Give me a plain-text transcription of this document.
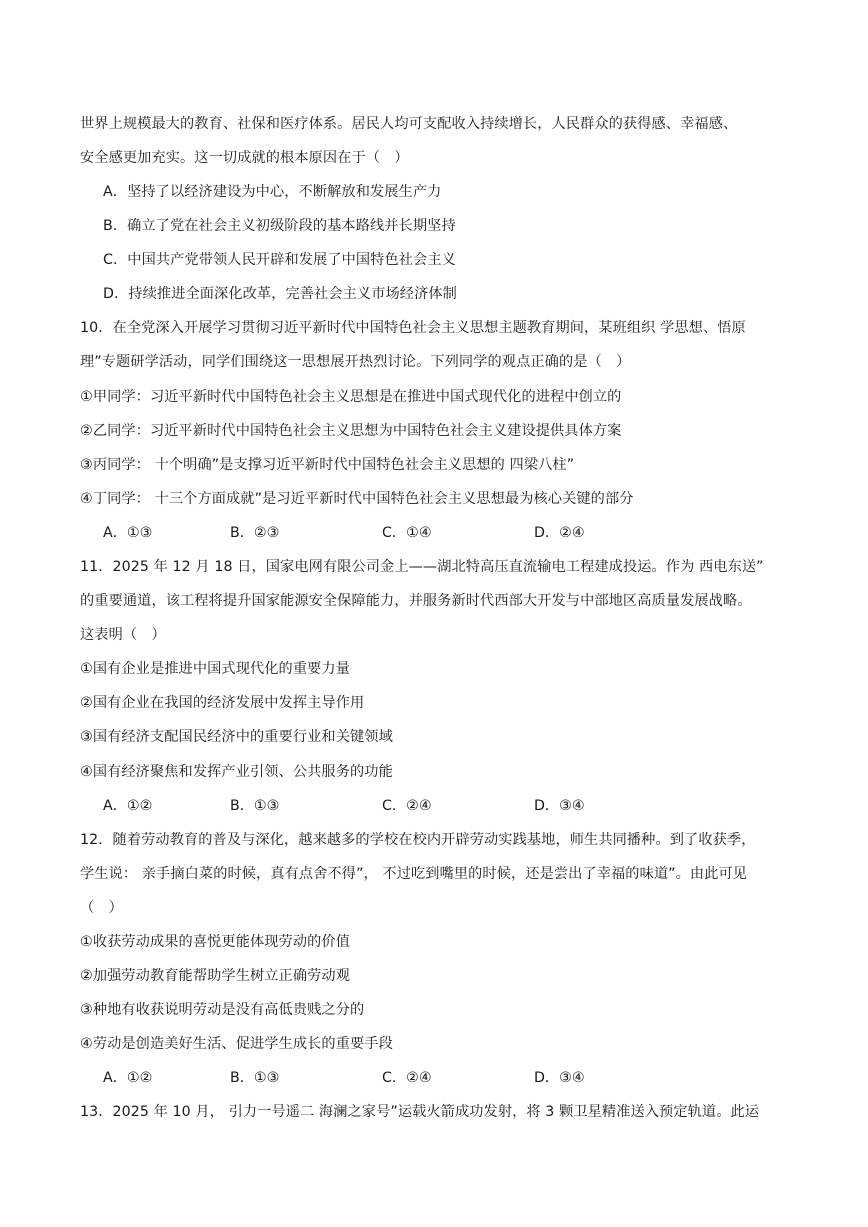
世界上规模最大的教育、社保和医疗体系。居民人均可支配收入持续增长，人民群众的获得感、幸福感、
安全感更加充实。这一切成就的根本原因在于（　）
A．坚持了以经济建设为中心，不断解放和发展生产力
B．确立了党在社会主义初级阶段的基本路线并长期坚持
C．中国共产党带领人民开辟和发展了中国特色社会主义
D．持续推进全面深化改革，完善社会主义市场经济体制
10．在全党深入开展学习贯彻习近平新时代中国特色社会主义思想主题教育期间，某班组织 学思想、悟原
理”专题研学活动，同学们围绕这一思想展开热烈讨论。下列同学的观点正确的是（　）
①甲同学：习近平新时代中国特色社会主义思想是在推进中国式现代化的进程中创立的
②乙同学：习近平新时代中国特色社会主义思想为中国特色社会主义建设提供具体方案
③丙同学： 十个明确”是支撑习近平新时代中国特色社会主义思想的 四梁八柱”
④丁同学： 十三个方面成就”是习近平新时代中国特色社会主义思想最为核心关键的部分
A．①③	B．②③	C．①④	D．②④
11．2025 年 12 月 18 日，国家电网有限公司金上——湖北特高压直流输电工程建成投运。作为 西电东送”
的重要通道，该工程将提升国家能源安全保障能力，并服务新时代西部大开发与中部地区高质量发展战略。
这表明（　）
①国有企业是推进中国式现代化的重要力量
②国有企业在我国的经济发展中发挥主导作用
③国有经济支配国民经济中的重要行业和关键领域
④国有经济聚焦和发挥产业引领、公共服务的功能
A．①②	B．①③	C．②④	D．③④
12．随着劳动教育的普及与深化，越来越多的学校在校内开辟劳动实践基地，师生共同播种。到了收获季，
学生说： 亲手摘白菜的时候，真有点舍不得”， 不过吃到嘴里的时候，还是尝出了幸福的味道”。由此可见
（　）
①收获劳动成果的喜悦更能体现劳动的价值
②加强劳动教育能帮助学生树立正确劳动观
③种地有收获说明劳动是没有高低贵贱之分的
④劳动是创造美好生活、促进学生成长的重要手段
A．①②	B．①③	C．②④	D．③④
13．2025 年 10 月， 引力一号遥二 海澜之家号”运载火箭成功发射，将 3 颗卫星精准送入预定轨道。此运
